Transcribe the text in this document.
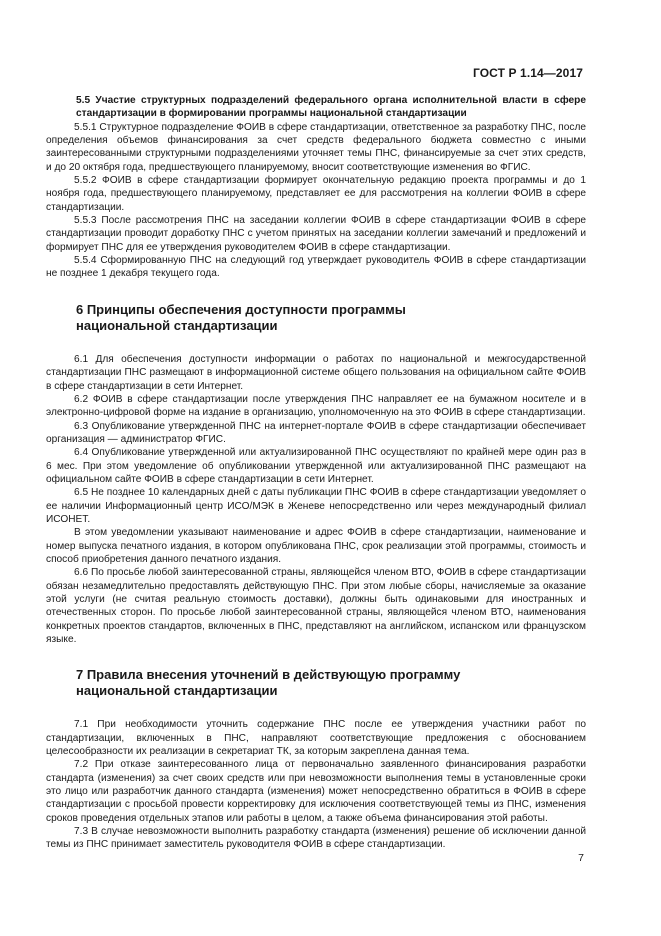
ГОСТ Р 1.14—2017

5.5 Участие структурных подразделений федерального органа исполнительной власти в сфере стандартизации в формировании программы национальной стандартизации

5.5.1 Структурное подразделение ФОИВ в сфере стандартизации, ответственное за разработку ПНС, после определения объемов финансирования за счет средств федерального бюджета совместно с иными заинтересованными структурными подразделениями уточняет темы ПНС, финансируемые за счет этих средств, и до 20 октября года, предшествующего планируемому, вносит соответствующие изменения во ФГИС.

5.5.2 ФОИВ в сфере стандартизации формирует окончательную редакцию проекта программы и до 1 ноября года, предшествующего планируемому, представляет ее для рассмотрения на коллегии ФОИВ в сфере стандартизации.

5.5.3 После рассмотрения ПНС на заседании коллегии ФОИВ в сфере стандартизации ФОИВ в сфере стандартизации проводит доработку ПНС с учетом принятых на заседании коллегии замечаний и предложений и формирует ПНС для ее утверждения руководителем ФОИВ в сфере стандартизации.

5.5.4 Сформированную ПНС на следующий год утверждает руководитель ФОИВ в сфере стандартизации не позднее 1 декабря текущего года.

6 Принципы обеспечения доступности программы
национальной стандартизации

6.1 Для обеспечения доступности информации о работах по национальной и межгосударственной стандартизации ПНС размещают в информационной системе общего пользования на официальном сайте ФОИВ в сфере стандартизации в сети Интернет.

6.2 ФОИВ в сфере стандартизации после утверждения ПНС направляет ее на бумажном носителе и в электронно-цифровой форме на издание в организацию, уполномоченную на это ФОИВ в сфере стандартизации.

6.3 Опубликование утвержденной ПНС на интернет-портале ФОИВ в сфере стандартизации обеспечивает организация — администратор ФГИС.

6.4 Опубликование утвержденной или актуализированной ПНС осуществляют по крайней мере один раз в 6 мес. При этом уведомление об опубликовании утвержденной или актуализированной ПНС размещают на официальном сайте ФОИВ в сфере стандартизации в сети Интернет.

6.5 Не позднее 10 календарных дней с даты публикации ПНС ФОИВ в сфере стандартизации уведомляет о ее наличии Информационный центр ИСО/МЭК в Женеве непосредственно или через международный филиал ИСОНЕТ.

В этом уведомлении указывают наименование и адрес ФОИВ в сфере стандартизации, наименование и номер выпуска печатного издания, в котором опубликована ПНС, срок реализации этой программы, стоимость и способ приобретения данного печатного издания.

6.6 По просьбе любой заинтересованной страны, являющейся членом ВТО, ФОИВ в сфере стандартизации обязан незамедлительно предоставлять действующую ПНС. При этом любые сборы, начисляемые за оказание этой услуги (не считая реальную стоимость доставки), должны быть одинаковыми для иностранных и отечественных сторон. По просьбе любой заинтересованной страны, являющейся членом ВТО, наименования конкретных проектов стандартов, включенных в ПНС, представляют на английском, испанском или французском языке.

7 Правила внесения уточнений в действующую программу
национальной стандартизации

7.1 При необходимости уточнить содержание ПНС после ее утверждения участники работ по стандартизации, включенных в ПНС, направляют соответствующие предложения с обоснованием целесообразности их реализации в секретариат ТК, за которым закреплена данная тема.

7.2 При отказе заинтересованного лица от первоначально заявленного финансирования разработки стандарта (изменения) за счет своих средств или при невозможности выполнения темы в установленные сроки это лицо или разработчик данного стандарта (изменения) может непосредственно обратиться в ФОИВ в сфере стандартизации с просьбой провести корректировку для исключения соответствующей темы из ПНС, изменения сроков проведения отдельных этапов или работы в целом, а также объема финансирования этой работы.

7.3 В случае невозможности выполнить разработку стандарта (изменения) решение об исключении данной темы из ПНС принимает заместитель руководителя ФОИВ в сфере стандартизации.

7
